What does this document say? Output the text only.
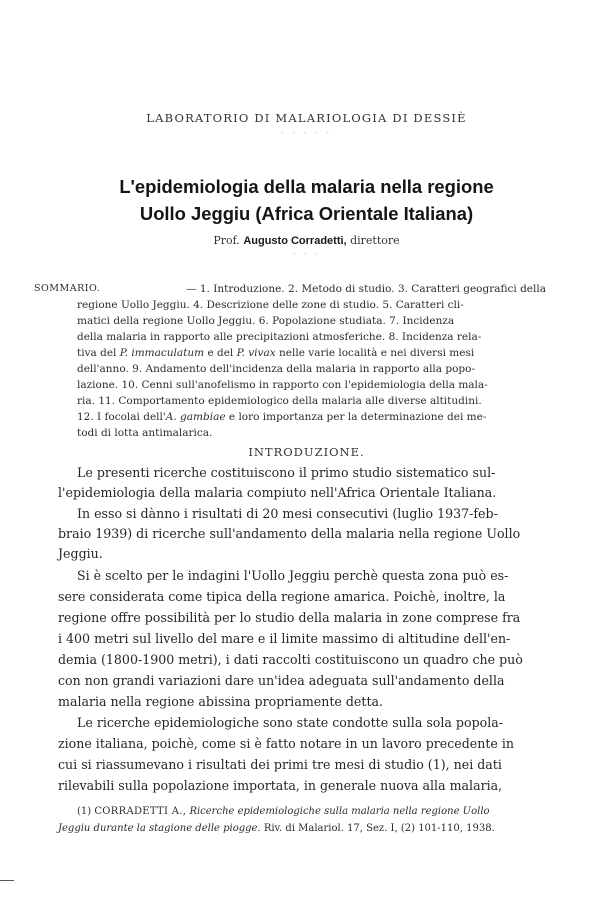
LABORATORIO DI MALARIOLOGIA DI DESSIÈ
- - - - -
L'epidemiologia della malaria nella regione
Uollo Jeggiu (Africa Orientale Italiana)
Prof. Augusto Corradetti, direttore
- - -
SOMMARIO.	— 1. Introduzione. 2. Metodo di studio. 3. Caratteri geografici della
regione Uollo Jeggiu. 4. Descrizione delle zone di studio. 5. Caratteri cli-
matici della regione Uollo Jeggiu. 6. Popolazione studiata. 7. Incidenza
della malaria in rapporto alle precipitazioni atmosferiche. 8. Incidenza rela-
tiva del P. immaculatum e del P. vivax nelle varie località e nei diversi mesi
dell'anno. 9. Andamento dell'incidenza della malaria in rapporto alla popo-
lazione. 10. Cenni sull'anofelismo in rapporto con l'epidemiologia della mala-
ria. 11. Comportamento epidemiologico della malaria alle diverse altitudini.
12. I focolai dell'A. gambiae e loro importanza per la determinazione dei me-
todi di lotta antimalarica.
INTRODUZIONE.
Le presenti ricerche costituiscono il primo studio sistematico sul-
l'epidemiologia della malaria compiuto nell'Africa Orientale Italiana.
In esso si dànno i risultati di 20 mesi consecutivi (luglio 1937-feb-
braio 1939) di ricerche sull'andamento della malaria nella regione Uollo
Jeggiu.
Si è scelto per le indagini l'Uollo Jeggiu perchè questa zona può es-
sere considerata come tipica della regione amarica. Poichè, inoltre, la
regione offre possibilità per lo studio della malaria in zone comprese fra
i 400 metri sul livello del mare e il limite massimo di altitudine dell'en-
demia (1800-1900 metri), i dati raccolti costituiscono un quadro che può
con non grandi variazioni dare un'idea adeguata sull'andamento della
malaria nella regione abissina propriamente detta.
Le ricerche epidemiologiche sono state condotte sulla sola popola-
zione italiana, poichè, come si è fatto notare in un lavoro precedente in
cui si riassumevano i risultati dei primi tre mesi di studio (1), nei dati
rilevabili sulla popolazione importata, in generale nuova alla malaria,
(1) CORRADETTI A., Ricerche epidemiologiche sulla malaria nella regione Uollo
Jeggiu durante la stagione delle piogge. Riv. di Malariol. 17, Sez. I, (2) 101-110, 1938.
